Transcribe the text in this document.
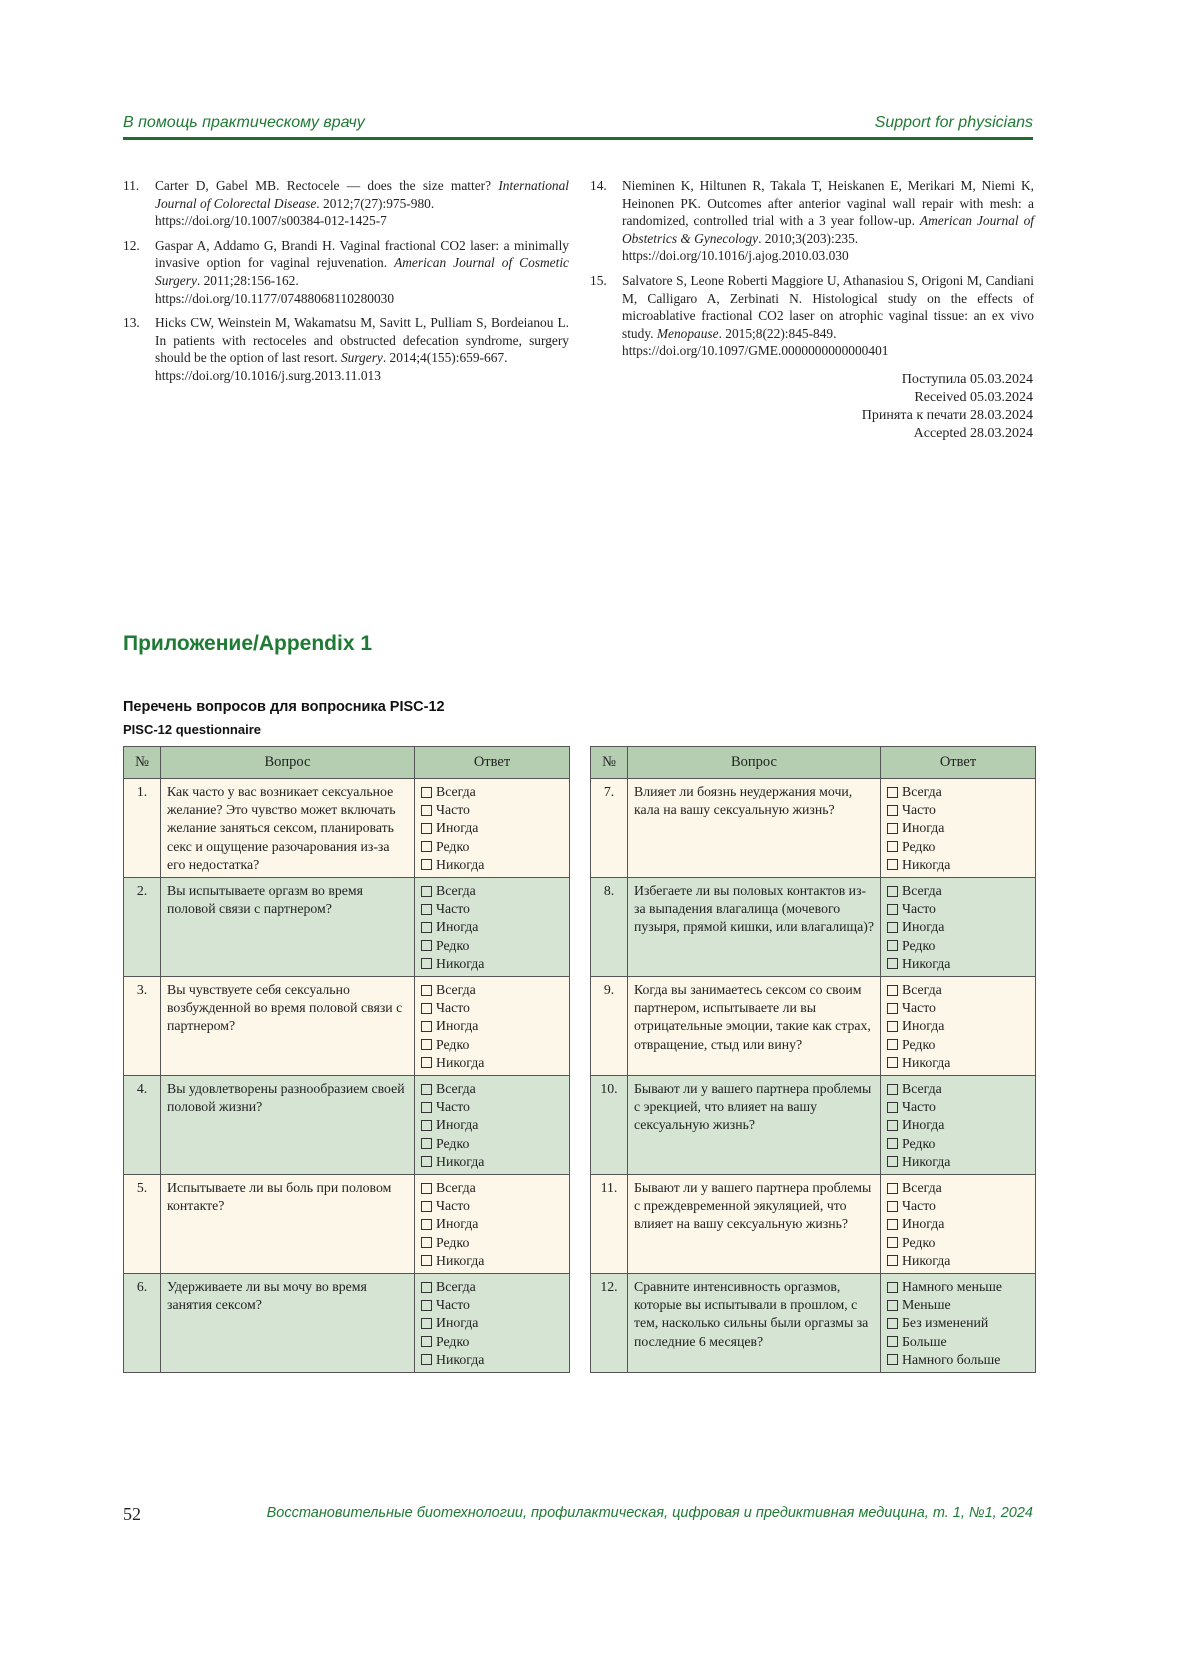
В помощь практическому врачу	Support for physicians
11.	Carter D, Gabel MB. Rectocele — does the size matter? International Journal of Colorectal Disease. 2012;7(27):975-980.
https://doi.org/10.1007/s00384-012-1425-7
12.	Gaspar A, Addamo G, Brandi H. Vaginal fractional CO2 laser: a minimally invasive option for vaginal rejuvenation. American Journal of Cosmetic Surgery. 2011;28:156-162.
https://doi.org/10.1177/07488068110280030
13.	Hicks CW, Weinstein M, Wakamatsu M, Savitt L, Pulliam S, Bordeianou L. In patients with rectoceles and obstructed defecation syndrome, surgery should be the option of last resort. Surgery. 2014;4(155):659-667.
https://doi.org/10.1016/j.surg.2013.11.013
14.	Nieminen K, Hiltunen R, Takala T, Heiskanen E, Merikari M, Niemi K, Heinonen PK. Outcomes after anterior vaginal wall repair with mesh: a randomized, controlled trial with a 3 year follow-up. American Journal of Obstetrics & Gynecology. 2010;3(203):235.
https://doi.org/10.1016/j.ajog.2010.03.030
15.	Salvatore S, Leone Roberti Maggiore U, Athanasiou S, Origoni M, Candiani M, Calligaro A, Zerbinati N. Histological study on the effects of microablative fractional CO2 laser on atrophic vaginal tissue: an ex vivo study. Menopause. 2015;8(22):845-849.
https://doi.org/10.1097/GME.0000000000000401
Поступила 05.03.2024
Received 05.03.2024
Принята к печати 28.03.2024
Accepted 28.03.2024
Приложение/Appendix 1
Перечень вопросов для вопросника PISC-12
PISC-12 questionnaire
№	Вопрос	Ответ
1.	Как часто у вас возникает сексуальное желание? Это чувство может включать желание заняться сексом, планировать секс и ощущение разочарования из-за его недостатка?	Всегда
Часто
Иногда
Редко
Никогда

2.	Вы испытываете оргазм во время половой связи с партнером?	Всегда
Часто
Иногда
Редко
Никогда

3.	Вы чувствуете себя сексуально возбужденной во время половой связи с партнером?	Всегда
Часто
Иногда
Редко
Никогда

4.	Вы удовлетворены разнообразием своей половой жизни?	Всегда
Часто
Иногда
Редко
Никогда

5.	Испытываете ли вы боль при половом контакте?	Всегда
Часто
Иногда
Редко
Никогда

6.	Удерживаете ли вы мочу во время занятия сексом?	Всегда
Часто
Иногда
Редко
Никогда
№	Вопрос	Ответ
7.	Влияет ли боязнь неудержания мочи, кала на вашу сексуальную жизнь?	Всегда
Часто
Иногда
Редко
Никогда

8.	Избегаете ли вы половых контактов из-за выпадения влагалища (мочевого пузыря, прямой кишки, или влагалища)?	Всегда
Часто
Иногда
Редко
Никогда

9.	Когда вы занимаетесь сексом со своим партнером, испытываете ли вы отрицательные эмоции, такие как страх, отвращение, стыд или вину?	Всегда
Часто
Иногда
Редко
Никогда

10.	Бывают ли у вашего партнера проблемы с эрекцией, что влияет на вашу сексуальную жизнь?	Всегда
Часто
Иногда
Редко
Никогда

11.	Бывают ли у вашего партнера проблемы с преждевременной эякуляцией, что влияет на вашу сексуальную жизнь?	Всегда
Часто
Иногда
Редко
Никогда

12.	Сравните интенсивность оргазмов, которые вы испытывали в прошлом, с тем, насколько сильны были оргазмы за последние 6 месяцев?	Намного меньше
Меньше
Без изменений
Больше
Намного больше
52	Восстановительные биотехнологии, профилактическая, цифровая и предиктивная медицина, т. 1, №1, 2024
